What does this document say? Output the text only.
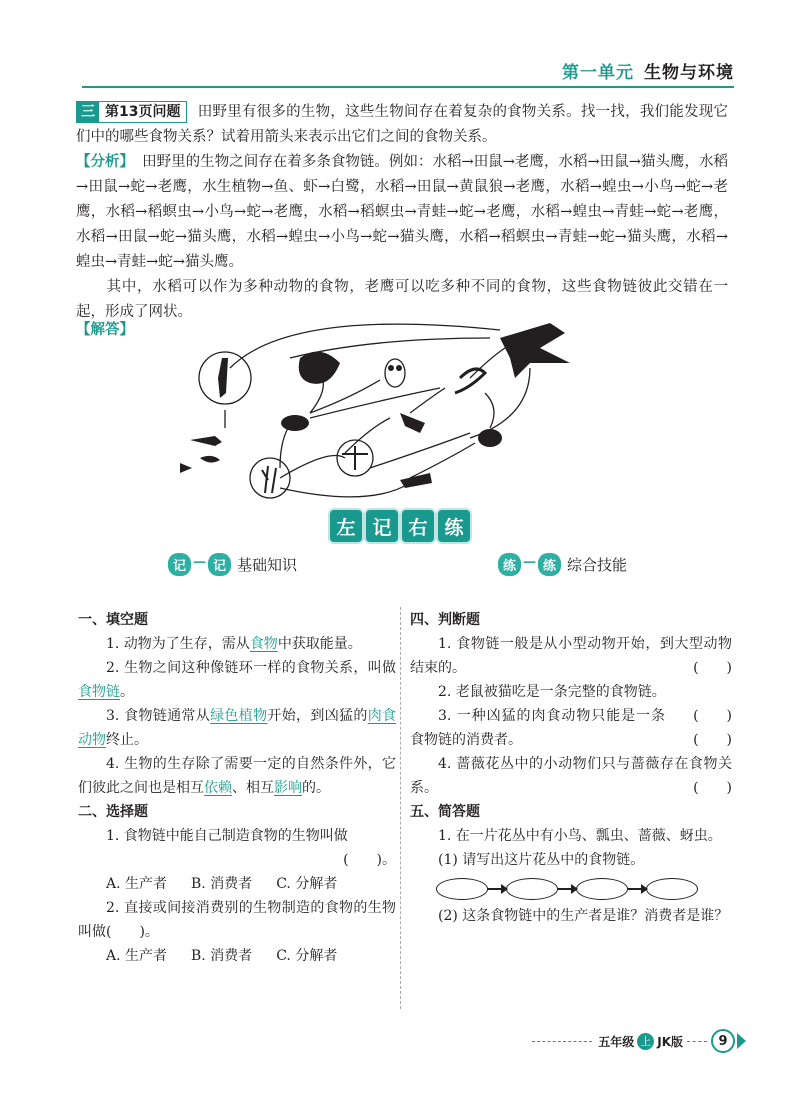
第一单元 生物与环境
三 第13页问题	田野里有很多的生物，这些生物间存在着复杂的食物关系。找一找，我们能发现它们中的哪些食物关系？试着用箭头来表示出它们之间的食物关系。
【分析】 田野里的生物之间存在着多条食物链。例如：水稻→田鼠→老鹰，水稻→田鼠→猫头鹰，水稻→田鼠→蛇→老鹰，水生植物→鱼、虾→白鹭，水稻→田鼠→黄鼠狼→老鹰，水稻→蝗虫→小鸟→蛇→老鹰，水稻→稻螟虫→小鸟→蛇→老鹰，水稻→稻螟虫→青蛙→蛇→老鹰，水稻→蝗虫→青蛙→蛇→老鹰，水稻→田鼠→蛇→猫头鹰，水稻→蝗虫→小鸟→蛇→猫头鹰，水稻→稻螟虫→青蛙→蛇→猫头鹰，水稻→蝗虫→青蛙→蛇→猫头鹰。
其中，水稻可以作为多种动物的食物，老鹰可以吃多种不同的食物，这些食物链彼此交错在一起，形成了网状。
【解答】
左 记 右 练
记 — 记 基础知识	练 — 练 综合技能
一、填空题
1. 动物为了生存，需从食物中获取能量。
2. 生物之间这种像链环一样的食物关系，叫做食物链。
3. 食物链通常从绿色植物开始，到凶猛的肉食动物终止。
4. 生物的生存除了需要一定的自然条件外，它们彼此之间也是相互依赖、相互影响的。
二、选择题
1. 食物链中能自己制造食物的生物叫做
(　　)。
A. 生产者 B. 消费者 C. 分解者
2. 直接或间接消费别的生物制造的食物的生物叫做(　　)。
A. 生产者 B. 消费者 C. 分解者
四、判断题
1. 食物链一般是从小型动物开始，到大型动物结束的。	(　　)
2. 老鼠被猫吃是一条完整的食物链。
(　　)
3. 一种凶猛的肉食动物只能是一条食物链的消费者。	(　　)
4. 蔷薇花丛中的小动物们只与蔷薇存在食物关系。	(　　)
五、简答题
1. 在一片花丛中有小鸟、瓢虫、蔷薇、蚜虫。
(1) 请写出这片花丛中的食物链。
(2) 这条食物链中的生产者是谁？消费者是谁？
五年级 上 JK版	9
